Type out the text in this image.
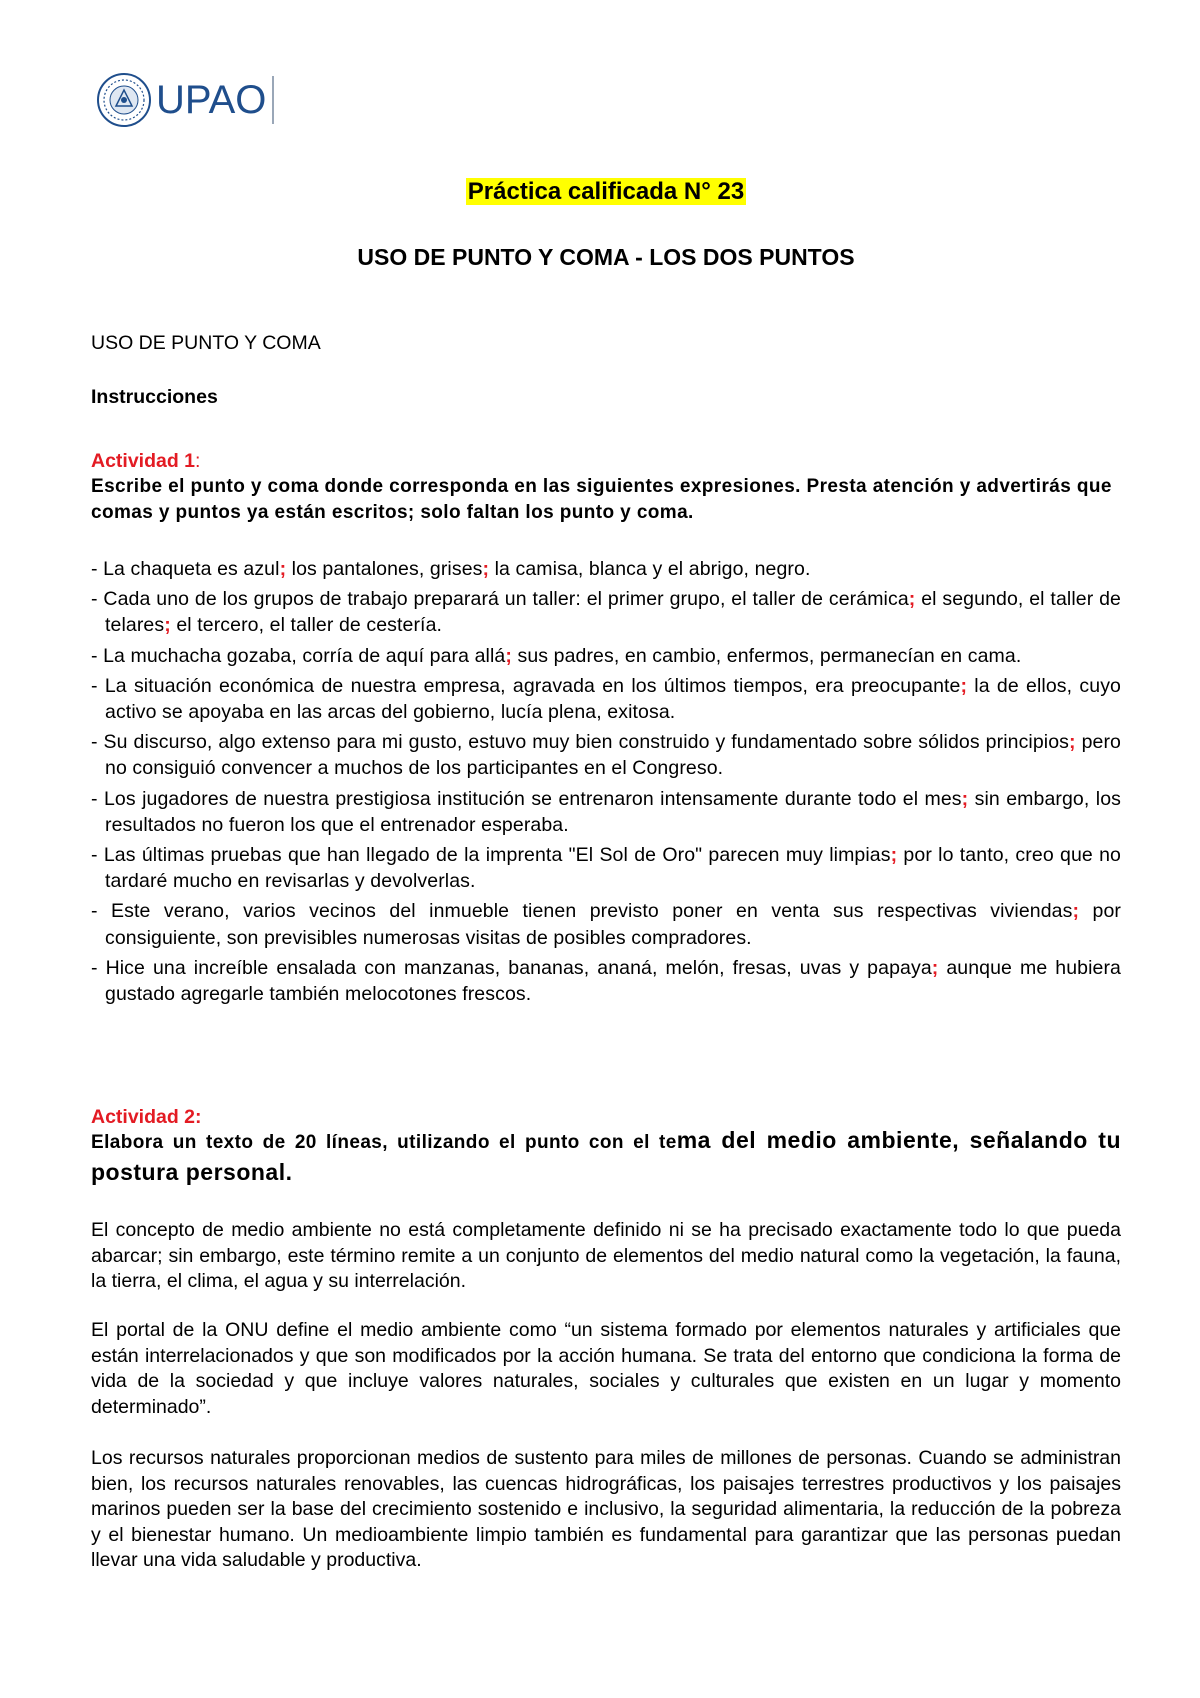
UPAO
Práctica calificada N° 23
USO DE PUNTO Y COMA - LOS DOS PUNTOS
USO DE PUNTO Y COMA
Instrucciones
Actividad 1:
Escribe el punto y coma donde corresponda en las siguientes expresiones. Presta atención y advertirás que comas y puntos ya están escritos; solo faltan los punto y coma.
- La chaqueta es azul; los pantalones, grises; la camisa, blanca y el abrigo, negro.
- Cada uno de los grupos de trabajo preparará un taller: el primer grupo, el taller de cerámica; el segundo, el taller de telares; el tercero, el taller de cestería.
- La muchacha gozaba, corría de aquí para allá; sus padres, en cambio, enfermos, permanecían en cama.
- La situación económica de nuestra empresa, agravada en los últimos tiempos, era preocupante; la de ellos, cuyo activo se apoyaba en las arcas del gobierno, lucía plena, exitosa.
- Su discurso, algo extenso para mi gusto, estuvo muy bien construido y fundamentado sobre sólidos principios; pero no consiguió convencer a muchos de los participantes en el Congreso.
- Los jugadores de nuestra prestigiosa institución se entrenaron intensamente durante todo el mes; sin embargo, los resultados no fueron los que el entrenador esperaba.
- Las últimas pruebas que han llegado de la imprenta "El Sol de Oro" parecen muy limpias; por lo tanto, creo que no tardaré mucho en revisarlas y devolverlas.
- Este verano, varios vecinos del inmueble tienen previsto poner en venta sus respectivas viviendas; por consiguiente, son previsibles numerosas visitas de posibles compradores.
- Hice una increíble ensalada con manzanas, bananas, ananá, melón, fresas, uvas y papaya; aunque me hubiera gustado agregarle también melocotones frescos.
Actividad 2:
Elabora un texto de 20 líneas, utilizando el punto con el tema del medio ambiente, señalando tu postura personal.
El concepto de medio ambiente no está completamente definido ni se ha precisado exactamente todo lo que pueda abarcar; sin embargo, este término remite a un conjunto de elementos del medio natural como la vegetación, la fauna, la tierra, el clima, el agua y su interrelación.
El portal de la ONU define el medio ambiente como “un sistema formado por elementos naturales y artificiales que están interrelacionados y que son modificados por la acción humana. Se trata del entorno que condiciona la forma de vida de la sociedad y que incluye valores naturales, sociales y culturales que existen en un lugar y momento determinado”.
Los recursos naturales proporcionan medios de sustento para miles de millones de personas. Cuando se administran bien, los recursos naturales renovables, las cuencas hidrográficas, los paisajes terrestres productivos y los paisajes marinos pueden ser la base del crecimiento sostenido e inclusivo, la seguridad alimentaria, la reducción de la pobreza y el bienestar humano. Un medioambiente limpio también es fundamental para garantizar que las personas puedan llevar una vida saludable y productiva.
